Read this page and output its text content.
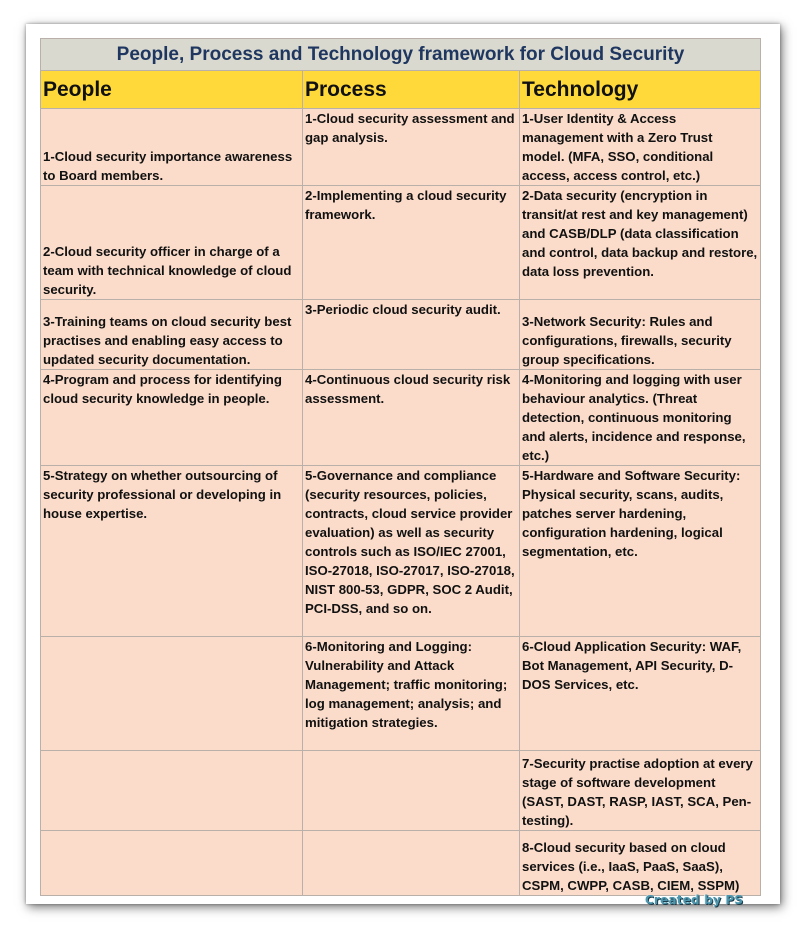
People, Process and Technology framework for Cloud Security		
People	Process	Technology
1-Cloud security importance awareness to Board members.	1-Cloud security assessment and gap analysis.	1-User Identity & Access management with a Zero Trust model. (MFA, SSO, conditional access, access control, etc.)
2-Cloud security officer in charge of a team with technical knowledge of cloud security.	2-Implementing a cloud security framework.	2-Data security (encryption in transit/at rest and key management) and CASB/DLP (data classification and control, data backup and restore, data loss prevention.
3-Training teams on cloud security best practises and enabling easy access to updated security documentation.	3-Periodic cloud security audit.	3-Network Security: Rules and configurations, firewalls, security group specifications.
4-Program and process for identifying cloud security knowledge in people.	4-Continuous cloud security risk assessment.	4-Monitoring and logging with user behaviour analytics. (Threat detection, continuous monitoring and alerts, incidence and response, etc.)
5-Strategy on whether outsourcing of security professional or developing in house expertise.	5-Governance and compliance (security resources, policies, contracts, cloud service provider evaluation) as well as security controls such as ISO/IEC 27001, ISO-27018, ISO-27017, ISO-27018, NIST 800-53, GDPR, SOC 2 Audit, PCI-DSS, and so on.	5-Hardware and Software Security: Physical security, scans, audits, patches server hardening, configuration hardening, logical segmentation, etc.
	6-Monitoring and Logging: Vulnerability and Attack Management; traffic monitoring; log management; analysis; and mitigation strategies.	6-Cloud Application Security: WAF, Bot Management, API Security, D-DOS Services, etc.
		7-Security practise adoption at every stage of software development (SAST, DAST, RASP, IAST, SCA, Pen-testing).
		8-Cloud security based on cloud services (i.e., IaaS, PaaS, SaaS), CSPM, CWPP, CASB, CIEM, SSPM)
Created by PS
